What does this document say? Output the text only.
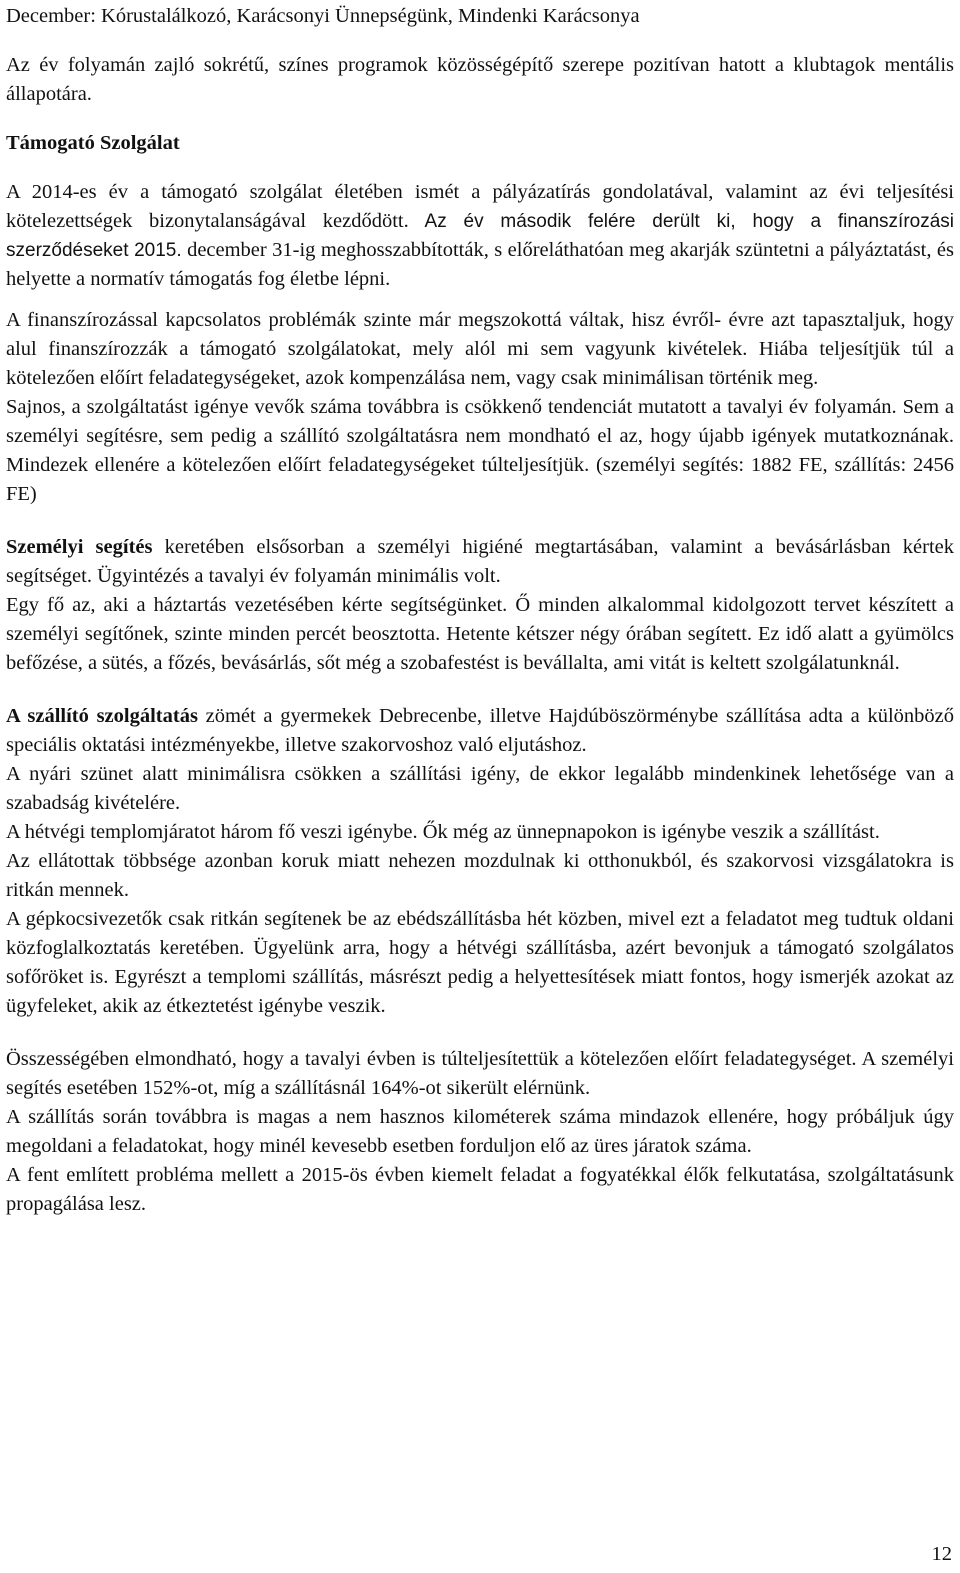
December: Kórustalálkozó, Karácsonyi Ünnepségünk, Mindenki Karácsonya

Az év folyamán zajló sokrétű, színes programok közösségépítő szerepe pozitívan hatott a klubtagok mentális állapotára.

Támogató Szolgálat

A 2014-es év a támogató szolgálat életében ismét a pályázatírás gondolatával, valamint az évi teljesítési kötelezettségek bizonytalanságával kezdődött. Az év második felére derült ki, hogy a finanszírozási szerződéseket 2015. december 31-ig meghosszabbították, s előreláthatóan meg akarják szüntetni a pályáztatást, és helyette a normatív támogatás fog életbe lépni.

A finanszírozással kapcsolatos problémák szinte már megszokottá váltak, hisz évről- évre azt tapasztaljuk, hogy alul finanszírozzák a támogató szolgálatokat, mely alól mi sem vagyunk kivételek. Hiába teljesítjük túl a kötelezően előírt feladategységeket, azok kompenzálása nem, vagy csak minimálisan történik meg.

Sajnos, a szolgáltatást igénye vevők száma továbbra is csökkenő tendenciát mutatott a tavalyi év folyamán. Sem a személyi segítésre, sem pedig a szállító szolgáltatásra nem mondható el az, hogy újabb igények mutatkoznának. Mindezek ellenére a kötelezően előírt feladategységeket túlteljesítjük. (személyi segítés: 1882 FE, szállítás: 2456 FE)

Személyi segítés keretében elsősorban a személyi higiéné megtartásában, valamint a bevásárlásban kértek segítséget. Ügyintézés a tavalyi év folyamán minimális volt.

Egy fő az, aki a háztartás vezetésében kérte segítségünket. Ő minden alkalommal kidolgozott tervet készített a személyi segítőnek, szinte minden percét beosztotta. Hetente kétszer négy órában segített. Ez idő alatt a gyümölcs befőzése, a sütés, a főzés, bevásárlás, sőt még a szobafestést is bevállalta, ami vitát is keltett szolgálatunknál.

A szállító szolgáltatás zömét a gyermekek Debrecenbe, illetve Hajdúböszörménybe szállítása adta a különböző speciális oktatási intézményekbe, illetve szakorvoshoz való eljutáshoz.

A nyári szünet alatt minimálisra csökken a szállítási igény, de ekkor legalább mindenkinek lehetősége van a szabadság kivételére.

A hétvégi templomjáratot három fő veszi igénybe. Ők még az ünnepnapokon is igénybe veszik a szállítást.

Az ellátottak többsége azonban koruk miatt nehezen mozdulnak ki otthonukból, és szakorvosi vizsgálatokra is ritkán mennek.

A gépkocsivezetők csak ritkán segítenek be az ebédszállításba hét közben, mivel ezt a feladatot meg tudtuk oldani közfoglalkoztatás keretében. Ügyelünk arra, hogy a hétvégi szállításba, azért bevonjuk a támogató szolgálatos sofőröket is. Egyrészt a templomi szállítás, másrészt pedig a helyettesítések miatt fontos, hogy ismerjék azokat az ügyfeleket, akik az étkeztetést igénybe veszik.

Összességében elmondható, hogy a tavalyi évben is túlteljesítettük a kötelezően előírt feladategységet. A személyi segítés esetében 152%-ot, míg a szállításnál 164%-ot sikerült elérnünk.

A szállítás során továbbra is magas a nem hasznos kilométerek száma mindazok ellenére, hogy próbáljuk úgy megoldani a feladatokat, hogy minél kevesebb esetben forduljon elő az üres járatok száma.

A fent említett probléma mellett a 2015-ös évben kiemelt feladat a fogyatékkal élők felkutatása, szolgáltatásunk propagálása lesz.

12
